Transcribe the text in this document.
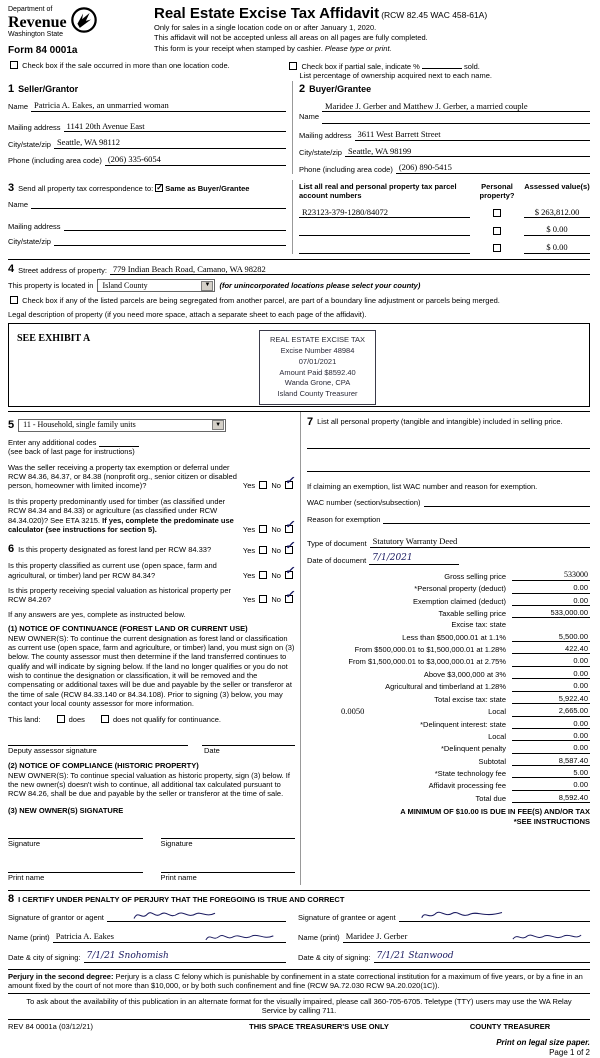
Department of
Revenue
Washington State
Form 84 0001a
Real Estate Excise Tax Affidavit (RCW 82.45 WAC 458-61A)
Only for sales in a single location code on or after January 1, 2020.
This affidavit will not be accepted unless all areas on all pages are fully completed.
This form is your receipt when stamped by cashier. Please type or print.
Check box if the sale occurred in more than one location code.	Check box if partial sale, indicate %	sold.
List percentage of ownership acquired next to each name.
1 Seller/Grantor
Name Patricia A. Eakes, an unmarried woman
Mailing address 1141 20th Avenue East
City/state/zip Seattle, WA 98112
Phone (including area code) (206) 335-6054
2 Buyer/Grantee
Name
Maridee J. Gerber and Matthew J. Gerber, a married couple
Mailing address 3611 West Barrett Street
City/state/zip Seattle, WA 98199
Phone (including area code) (206) 890-5415
3 Send all property tax correspondence to: ✓ Same as Buyer/Grantee
Name
Mailing address
City/state/zip
List all real and personal property tax parcel account numbers
Personal property?
Assessed value(s)
R23123-379-1280/84072	$ 263,812.00
$ 0.00
$ 0.00
4 Street address of property: 779 Indian Beach Road, Camano, WA 98282
This property is located in Island County	▼	(for unincorporated locations please select your county)
Check box if any of the listed parcels are being segregated from another parcel, are part of a boundary line adjustment or parcels being merged.
Legal description of property (if you need more space, attach a separate sheet to each page of the affidavit).
SEE EXHIBIT A	REAL ESTATE EXCISE TAX
Excise Number 48984
07/01/2021
Amount Paid $8592.40
Wanda Grone, CPA
Island County Treasurer
5 11 - Household, single family units	▼
Enter any additional codes
(see back of last page for instructions)
Was the seller receiving a property tax exemption or deferral under RCW 84.36, 84.37, or 84.38 (nonprofit org., senior citizen or disabled person, homeowner with limited income)?	Yes No ✓
Is this property predominantly used for timber (as classified under RCW 84.34 and 84.33) or agriculture (as classified under RCW 84.34.020)? See ETA 3215. If yes, complete the predominate use calculator (see instructions for section 5).	Yes No ✓
6 Is this property designated as forest land per RCW 84.33?	Yes No ✓
Is this property classified as current use (open space, farm and agricultural, or timber) land per RCW 84.34?	Yes No ✓
Is this property receiving special valuation as historical property per RCW 84.26?	Yes No ✓
If any answers are yes, complete as instructed below.
(1) NOTICE OF CONTINUANCE (FOREST LAND OR CURRENT USE)
NEW OWNER(S): To continue the current designation as forest land or classification as current use (open space, farm and agriculture, or timber) land, you must sign on (3) below. The county assessor must then determine if the land transferred continues to qualify and will indicate by signing below. If the land no longer qualifies or you do not wish to continue the designation or classification, it will be removed and the compensating or additional taxes will be due and payable by the seller or transferor at the time of sale (RCW 84.33.140 or 84.34.108). Prior to signing (3) below, you may contact your local county assessor for more information.
This land:	does	does not qualify for continuance.
Deputy assessor signature	Date
(2) NOTICE OF COMPLIANCE (HISTORIC PROPERTY)
NEW OWNER(S): To continue special valuation as historic property, sign (3) below. If the new owner(s) doesn't wish to continue, all additional tax calculated pursuant to RCW 84.26, shall be due and payable by the seller or transferor at the time of sale.
(3) NEW OWNER(S) SIGNATURE
Signature	Signature
Print name	Print name
7 List all personal property (tangible and intangible) included in selling price.
If claiming an exemption, list WAC number and reason for exemption.
WAC number (section/subsection)
Reason for exemption
Type of document Statutory Warranty Deed
Date of document 7/1/2021
Gross selling price	533000
*Personal property (deduct)	0.00
Exemption claimed (deduct)	0.00
Taxable selling price	533,000.00
Excise tax: state
Less than $500,000.01 at 1.1%	5,500.00
From $500,000.01 to $1,500,000.01 at 1.28%	422.40
From $1,500,000.01 to $3,000,000.01 at 2.75%	0.00
Above $3,000,000 at 3%	0.00
Agricultural and timberland at 1.28%	0.00
Total excise tax: state	5,922.40
0.0050	Local	2,665.00
*Delinquent interest: state	0.00
Local	0.00
*Delinquent penalty	0.00
Subtotal	8,587.40
*State technology fee	5.00
Affidavit processing fee	0.00
Total due	8,592.40
A MINIMUM OF $10.00 IS DUE IN FEE(S) AND/OR TAX
*SEE INSTRUCTIONS
8 I CERTIFY UNDER PENALTY OF PERJURY THAT THE FOREGOING IS TRUE AND CORRECT
Signature of grantor or agent
Name (print) Patricia A. Eakes
Date & city of signing: 7/1/21 Snohomish
Signature of grantee or agent
Name (print) Maridee J. Gerber
Date & city of signing: 7/1/21 Stanwood
Perjury in the second degree: Perjury is a class C felony which is punishable by confinement in a state correctional institution for a maximum of five years, or by a fine in an amount fixed by the court of not more than $10,000, or by both such confinement and fine (RCW 9A.72.030 RCW 9A.20.020(1C)).
To ask about the availability of this publication in an alternate format for the visually impaired, please call 360-705-6705. Teletype (TTY) users may use the WA Relay Service by calling 711.
REV 84 0001a (03/12/21)	THIS SPACE TREASURER'S USE ONLY	COUNTY TREASURER
Print on legal size paper.
Page 1 of 2
